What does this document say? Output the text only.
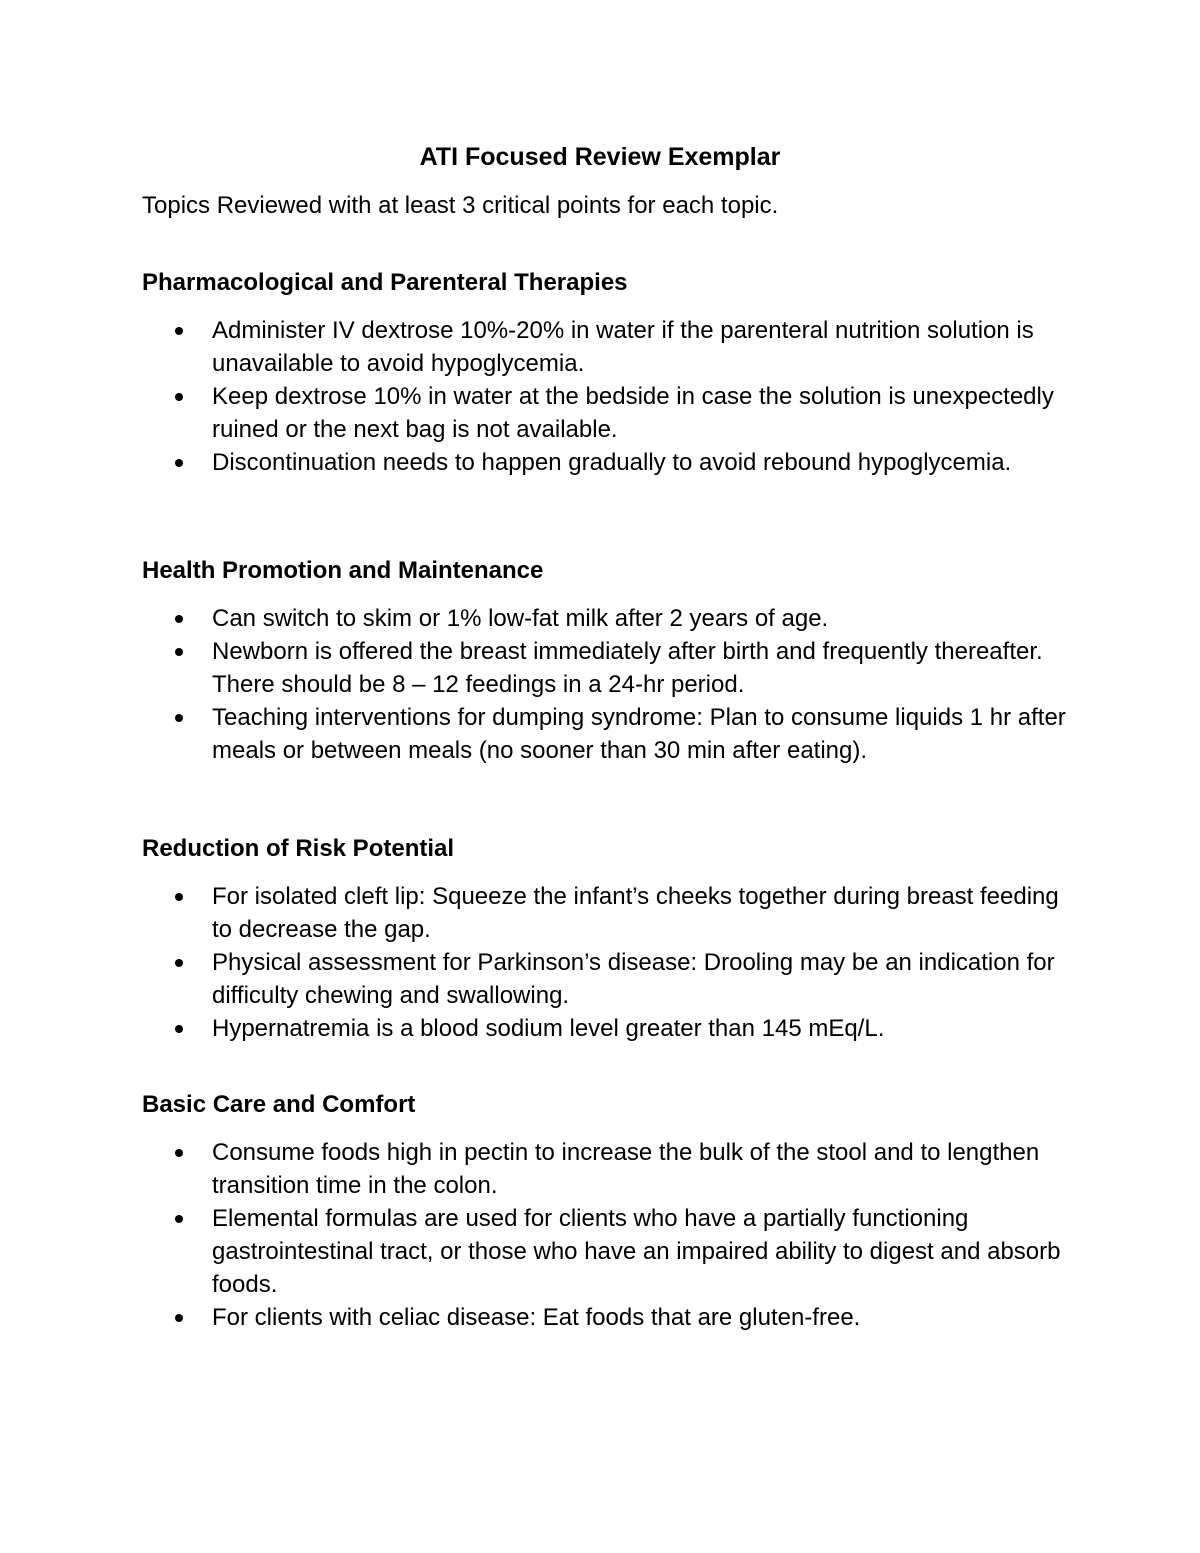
ATI Focused Review Exemplar

Topics Reviewed with at least 3 critical points for each topic.

Pharmacological and Parenteral Therapies
Administer IV dextrose 10%-20% in water if the parenteral nutrition solution is unavailable to avoid hypoglycemia.
Keep dextrose 10% in water at the bedside in case the solution is unexpectedly ruined or the next bag is not available.
Discontinuation needs to happen gradually to avoid rebound hypoglycemia.
Health Promotion and Maintenance
Can switch to skim or 1% low-fat milk after 2 years of age.
Newborn is offered the breast immediately after birth and frequently thereafter. There should be 8 – 12 feedings in a 24-hr period.
Teaching interventions for dumping syndrome: Plan to consume liquids 1 hr after meals or between meals (no sooner than 30 min after eating).
Reduction of Risk Potential
For isolated cleft lip: Squeeze the infant’s cheeks together during breast feeding to decrease the gap.
Physical assessment for Parkinson’s disease: Drooling may be an indication for difficulty chewing and swallowing.
Hypernatremia is a blood sodium level greater than 145 mEq/L.
Basic Care and Comfort
Consume foods high in pectin to increase the bulk of the stool and to lengthen transition time in the colon.
Elemental formulas are used for clients who have a partially functioning gastrointestinal tract, or those who have an impaired ability to digest and absorb foods.
For clients with celiac disease: Eat foods that are gluten-free.
